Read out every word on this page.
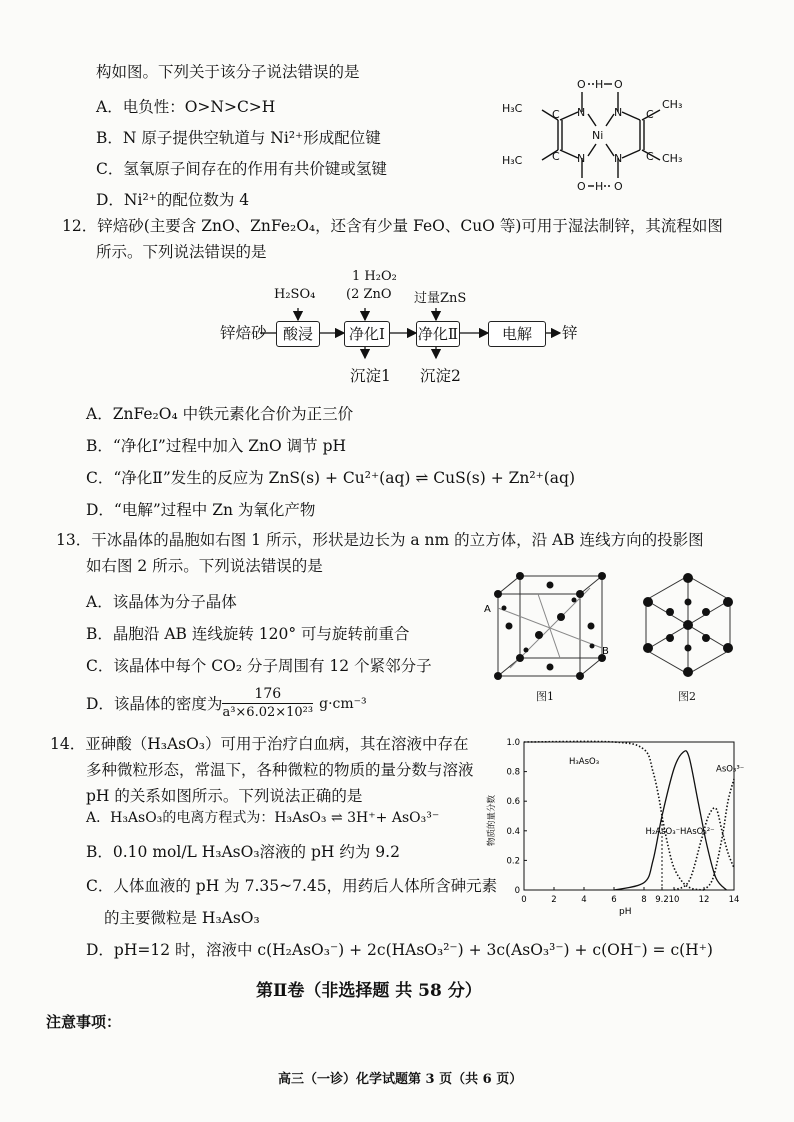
构如图。下列关于该分子说法错误的是
A．电负性：O>N>C>H
B．N 原子提供空轨道与 Ni²⁺形成配位键
C．氢氧原子间存在的作用有共价键或氢键
D．Ni²⁺的配位数为 4
H₃C
H₃C
CH₃
CH₃
C
C
C
C
N
N
N
N
Ni
O	O
O	O
H
H
12．锌焙砂(主要含 ZnO、ZnFe₂O₄，还含有少量 FeO、CuO 等)可用于湿法制锌，其流程如图
所示。下列说法错误的是
1 H₂O₂
H₂SO₄ (2 ZnO 过量ZnS
锌焙砂	酸浸	净化Ⅰ	净化Ⅱ	电解	锌
沉淀1 沉淀2
A．ZnFe₂O₄ 中铁元素化合价为正三价
B．“净化Ⅰ”过程中加入 ZnO 调节 pH
C．“净化Ⅱ”发生的反应为 ZnS(s) + Cu²⁺(aq) ⇌ CuS(s) + Zn²⁺(aq)
D．“电解”过程中 Zn 为氧化产物
13．干冰晶体的晶胞如右图 1 所示，形状是边长为 a nm 的立方体，沿 AB 连线方向的投影图
如右图 2 所示。下列说法错误的是
A．该晶体为分子晶体
B．晶胞沿 AB 连线旋转 120° 可与旋转前重合
C．该晶体中每个 CO₂ 分子周围有 12 个紧邻分子
D．该晶体的密度为 $\frac{176}{\text{a³×6.02×10²³}} g\cdot cm^{-3}$
A
B
图1	图2
14．亚砷酸（H₃AsO₃）可用于治疗白血病，其在溶液中存在
多种微粒形态，常温下，各种微粒的物质的量分数与溶液
pH 的关系如图所示。下列说法正确的是
A．H₃AsO₃的电离方程式为：H₃AsO₃ ⇌ 3H⁺+ AsO₃³⁻
B．0.10 mol/L H₃AsO₃溶液的 pH 约为 9.2
C．人体血液的 pH 为 7.35~7.45，用药后人体所含砷元素
的主要微粒是 H₃AsO₃
D．pH=12 时，溶液中 c(H₂AsO₃⁻) + 2c(HAsO₃²⁻) + 3c(AsO₃³⁻) + c(OH⁻) = c(H⁺)
0	2	4	6	8 9.2 10 12 14
0
0.2
0.4
0.6
0.8
1.0
pH
物质的量分数
H₃AsO₃
H₂AsO₃⁻ HAsO₃²⁻
AsO₃³⁻
第Ⅱ卷（非选择题 共 58 分）
注意事项：
高三（一诊）化学试题第 3 页（共 6 页）
